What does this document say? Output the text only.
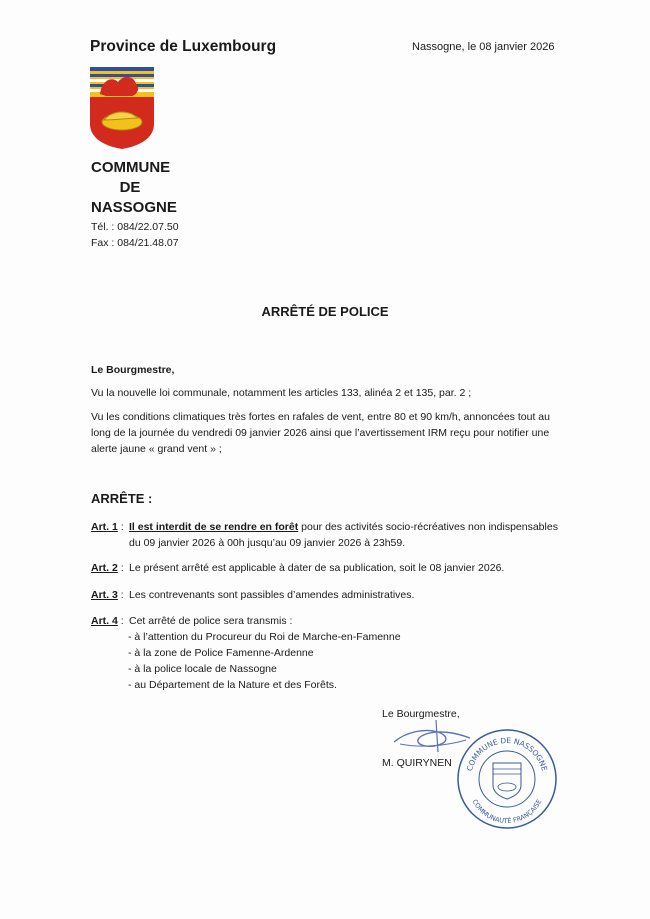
Province de Luxembourg	Nassogne, le 08 janvier 2026
COMMUNE
DE
NASSOGNE
Tél. : 084/22.07.50
Fax : 084/21.48.07
ARRÊTÉ DE POLICE
Le Bourgmestre,
Vu la nouvelle loi communale, notamment les articles 133, alinéa 2 et 135, par. 2 ;
Vu les conditions climatiques très fortes en rafales de vent, entre 80 et 90 km/h, annoncées tout au
long de la journée du vendredi 09 janvier 2026 ainsi que l’avertissement IRM reçu pour notifier une
alerte jaune « grand vent » ;
ARRÊTE :
Art. 1 : Il est interdit de se rendre en forêt pour des activités socio-récréatives non indispensables
du 09 janvier 2026 à 00h jusqu’au 09 janvier 2026 à 23h59.
Art. 2 : Le présent arrêté est applicable à dater de sa publication, soit le 08 janvier 2026.
Art. 3 : Les contrevenants sont passibles d’amendes administratives.
Art. 4 : Cet arrêté de police sera transmis :
- à l’attention du Procureur du Roi de Marche-en-Famenne
- à la zone de Police Famenne-Ardenne
- à la police locale de Nassogne
- au Département de la Nature et des Forêts.
Le Bourgmestre,
M. QUIRYNEN COMMUNE DE NASSOGNE
COMMUNAUTÉ FRANÇAISE
